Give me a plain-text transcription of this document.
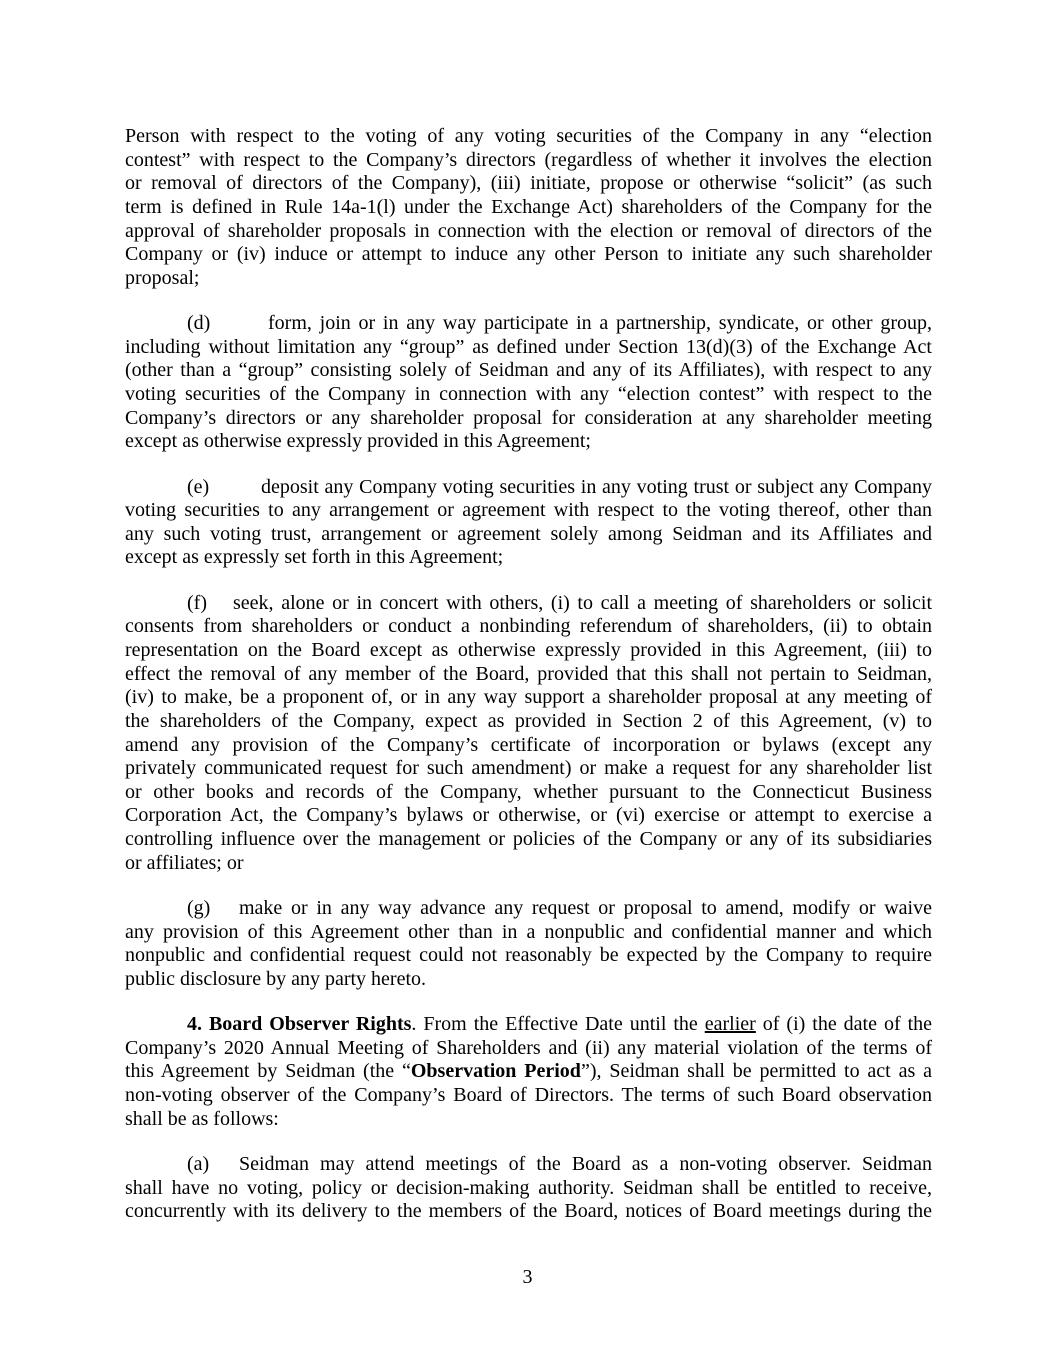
Person with respect to the voting of any voting securities of the Company in any “election
contest” with respect to the Company’s directors (regardless of whether it involves the election
or removal of directors of the Company), (iii) initiate, propose or otherwise “solicit” (as such
term is defined in Rule 14a-1(l) under the Exchange Act) shareholders of the Company for the
approval of shareholder proposals in connection with the election or removal of directors of the
Company or (iv) induce or attempt to induce any other Person to initiate any such shareholder
proposal;
(d)	form, join or in any way participate in a partnership, syndicate, or other group,
including without limitation any “group” as defined under Section 13(d)(3) of the Exchange Act
(other than a “group” consisting solely of Seidman and any of its Affiliates), with respect to any
voting securities of the Company in connection with any “election contest” with respect to the
Company’s directors or any shareholder proposal for consideration at any shareholder meeting
except as otherwise expressly provided in this Agreement;
(e)	deposit any Company voting securities in any voting trust or subject any Company
voting securities to any arrangement or agreement with respect to the voting thereof, other than
any such voting trust, arrangement or agreement solely among Seidman and its Affiliates and
except as expressly set forth in this Agreement;
(f) seek, alone or in concert with others, (i) to call a meeting of shareholders or solicit
consents from shareholders or conduct a nonbinding referendum of shareholders, (ii) to obtain
representation on the Board except as otherwise expressly provided in this Agreement, (iii) to
effect the removal of any member of the Board, provided that this shall not pertain to Seidman,
(iv) to make, be a proponent of, or in any way support a shareholder proposal at any meeting of
the shareholders of the Company, expect as provided in Section 2 of this Agreement, (v) to
amend any provision of the Company’s certificate of incorporation or bylaws (except any
privately communicated request for such amendment) or make a request for any shareholder list
or other books and records of the Company, whether pursuant to the Connecticut Business
Corporation Act, the Company’s bylaws or otherwise, or (vi) exercise or attempt to exercise a
controlling influence over the management or policies of the Company or any of its subsidiaries
or affiliates; or
(g) make or in any way advance any request or proposal to amend, modify or waive
any provision of this Agreement other than in a nonpublic and confidential manner and which
nonpublic and confidential request could not reasonably be expected by the Company to require
public disclosure by any party hereto.
4. Board Observer Rights. From the Effective Date until the earlier of (i) the date of the
Company’s 2020 Annual Meeting of Shareholders and (ii) any material violation of the terms of
this Agreement by Seidman (the “Observation Period”), Seidman shall be permitted to act as a
non-voting observer of the Company’s Board of Directors. The terms of such Board observation
shall be as follows:
(a) Seidman may attend meetings of the Board as a non-voting observer. Seidman
shall have no voting, policy or decision-making authority. Seidman shall be entitled to receive,
concurrently with its delivery to the members of the Board, notices of Board meetings during the
3
